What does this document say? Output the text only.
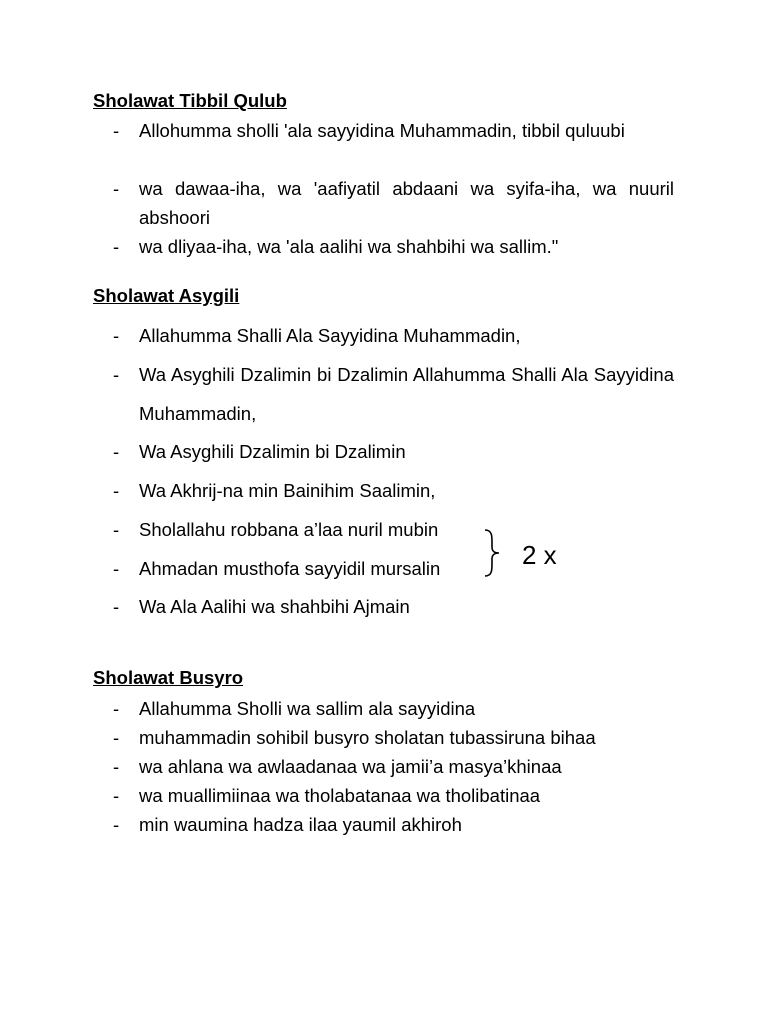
Sholawat Tibbil Qulub
-	Allohumma sholli 'ala sayyidina Muhammadin, tibbil quluubi
-	wa dawaa-iha, wa 'aafiyatil abdaani wa syifa-iha, wa nuuril abshoori
-	wa dliyaa-iha, wa 'ala aalihi wa shahbihi wa sallim."
Sholawat Asygili
-	Allahumma Shalli Ala Sayyidina Muhammadin,
-	Wa Asyghili Dzalimin bi Dzalimin Allahumma Shalli Ala Sayyidina Muhammadin,
-	Wa Asyghili Dzalimin bi Dzalimin
-	Wa Akhrij-na min Bainihim Saalimin,
-	Sholallahu robbana a’laa nuril mubin
-	Ahmadan musthofa sayyidil mursalin
-	Wa Ala Aalihi wa shahbihi Ajmain
2 x
Sholawat Busyro
-	Allahumma Sholli wa sallim ala sayyidina
-	muhammadin sohibil busyro sholatan tubassiruna bihaa
-	wa ahlana wa awlaadanaa wa jamii’a masya’khinaa
-	wa muallimiinaa wa tholabatanaa wa tholibatinaa
-	min waumina hadza ilaa yaumil akhiroh
